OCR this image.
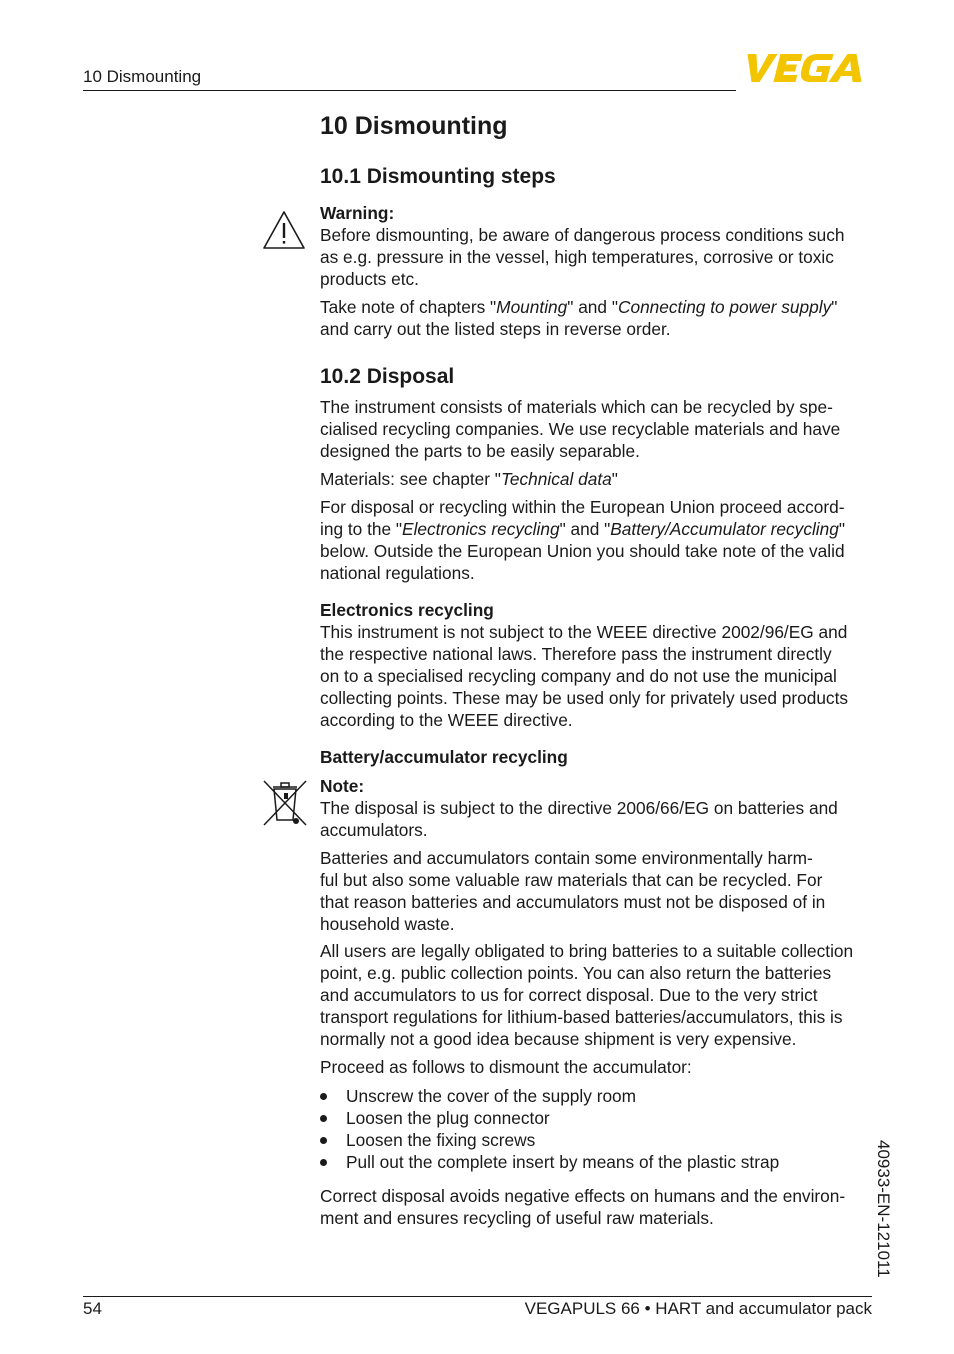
10 Dismounting
10 Dismounting
10.1 Dismounting steps
Warning:
Before dismounting, be aware of dangerous process conditions such
as e.g. pressure in the vessel, high temperatures, corrosive or toxic
products etc.
Take note of chapters "Mounting" and "Connecting to power supply"
and carry out the listed steps in reverse order.
10.2 Disposal
The instrument consists of materials which can be recycled by spe-
cialised recycling companies. We use recyclable materials and have
designed the parts to be easily separable.
Materials: see chapter "Technical data"
For disposal or recycling within the European Union proceed accord-
ing to the "Electronics recycling" and "Battery/Accumulator recycling"
below. Outside the European Union you should take note of the valid
national regulations.
Electronics recycling
This instrument is not subject to the WEEE directive 2002/96/EG and
the respective national laws. Therefore pass the instrument directly
on to a specialised recycling company and do not use the municipal
collecting points. These may be used only for privately used products
according to the WEEE directive.
Battery/accumulator recycling
Note:
The disposal is subject to the directive 2006/66/EG on batteries and
accumulators.
Batteries and accumulators contain some environmentally harm-
ful but also some valuable raw materials that can be recycled. For
that reason batteries and accumulators must not be disposed of in
household waste.
All users are legally obligated to bring batteries to a suitable collection
point, e.g. public collection points. You can also return the batteries
and accumulators to us for correct disposal. Due to the very strict
transport regulations for lithium-based batteries/accumulators, this is
normally not a good idea because shipment is very expensive.
Proceed as follows to dismount the accumulator:
Unscrew the cover of the supply room
Loosen the plug connector
Loosen the fixing screws
Pull out the complete insert by means of the plastic strap
Correct disposal avoids negative effects on humans and the environ-
ment and ensures recycling of useful raw materials.	40933-EN-121011
54	VEGAPULS 66 • HART and accumulator pack
